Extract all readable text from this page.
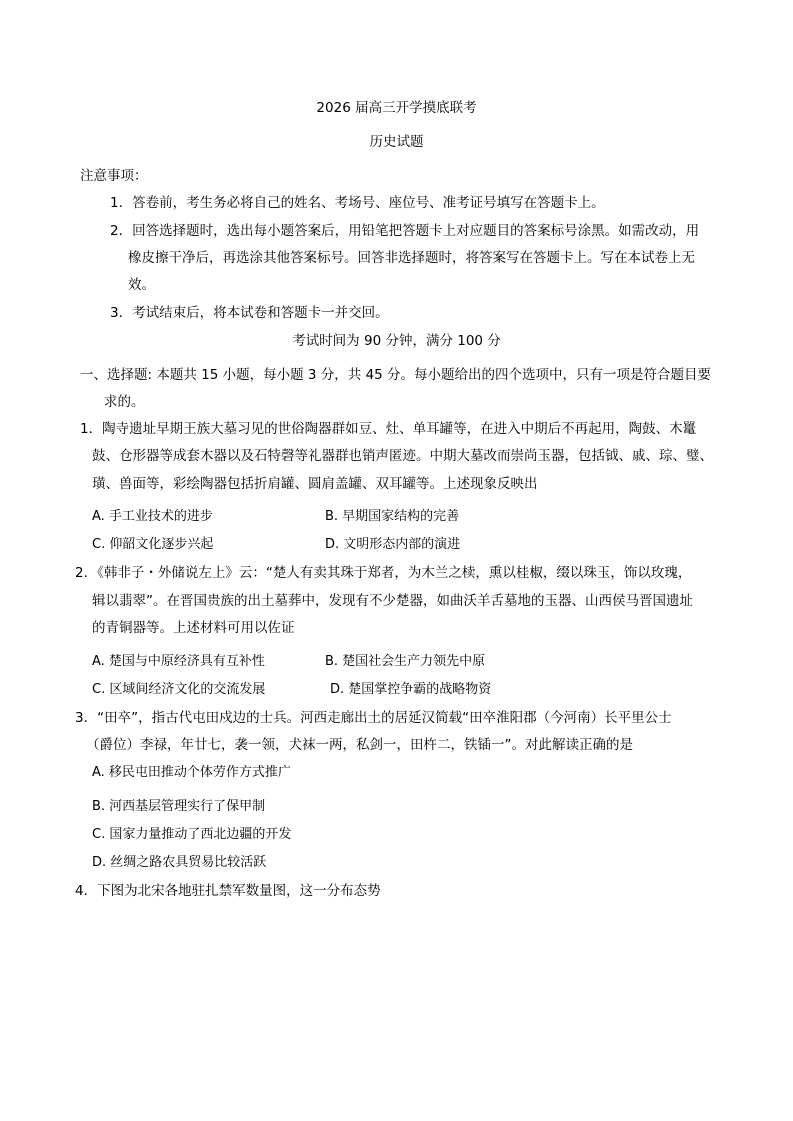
2026 届高三开学摸底联考
历史试题
注意事项：
1．答卷前，考生务必将自己的姓名、考场号、座位号、准考证号填写在答题卡上。
2．回答选择题时，选出每小题答案后，用铅笔把答题卡上对应题目的答案标号涂黑。如需改动，用
橡皮擦干净后，再选涂其他答案标号。回答非选择题时，将答案写在答题卡上。写在本试卷上无
效。
3．考试结束后，将本试卷和答题卡一并交回。
考试时间为 90 分钟，满分 100 分
一、选择题: 本题共 15 小题，每小题 3 分，共 45 分。每小题给出的四个选项中，只有一项是符合题目要
求的。
1．陶寺遗址早期王族大墓习见的世俗陶器群如豆、灶、单耳罐等，在进入中期后不再起用，陶鼓、木鼍
鼓、仓形器等成套木器以及石特磬等礼器群也销声匿迹。中期大墓改而崇尚玉器，包括钺、戚、琮、璧、
璜、兽面等，彩绘陶器包括折肩罐、圆肩盖罐、双耳罐等。上述现象反映出
A. 手工业技术的进步	B. 早期国家结构的完善
C. 仰韶文化逐步兴起	D. 文明形态内部的演进
2．《韩非子・外储说左上》云：“楚人有卖其珠于郑者，为木兰之椟，熏以桂椒，缀以珠玉，饰以玫瑰，
辑以翡翠”。在晋国贵族的出土墓葬中，发现有不少楚器，如曲沃羊舌墓地的玉器、山西侯马晋国遗址
的青铜器等。上述材料可用以佐证
A. 楚国与中原经济具有互补性	B. 楚国社会生产力领先中原
C. 区域间经济文化的交流发展	D. 楚国掌控争霸的战略物资
3．“田卒”，指古代屯田戍边的士兵。河西走廊出土的居延汉简载“田卒淮阳郡（今河南）长平里公士
（爵位）李禄，年廿七，袭一领，犬袜一两，私剑一，田杵二，铁锸一”。对此解读正确的是
A. 移民屯田推动个体劳作方式推广
B. 河西基层管理实行了保甲制
C. 国家力量推动了西北边疆的开发
D. 丝绸之路农具贸易比较活跃
4．下图为北宋各地驻扎禁军数量图，这一分布态势
